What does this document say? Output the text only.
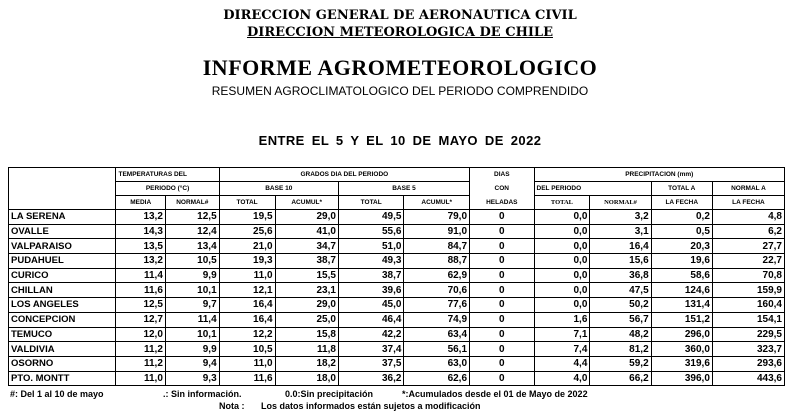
DIRECCION GENERAL DE AERONAUTICA CIVIL
DIRECCION METEOROLOGICA DE CHILE
INFORME AGROMETEOROLOGICO
RESUMEN AGROCLIMATOLOGICO DEL PERIODO COMPRENDIDO
ENTRE EL 5 Y EL 10 DE MAYO DE 2022
	TEMPERATURAS DEL		GRADOS DIA DEL PERIODO				DIAS	PRECIPITACION (mm)			
	PERIODO (°C)		BASE 10		BASE 5		CON	DEL PERIODO		TOTAL A	NORMAL A
	MEDIA	NORMAL#	TOTAL	ACUMUL*	TOTAL	ACUMUL*	HELADAS	TOTAL	NORMAL#	LA FECHA	LA FECHA
LA SERENA	13,2	12,5	19,5	29,0	49,5	79,0	0	0,0	3,2	0,2	4,8
OVALLE	14,3	12,4	25,6	41,0	55,6	91,0	0	0,0	3,1	0,5	6,2
VALPARAISO	13,5	13,4	21,0	34,7	51,0	84,7	0	0,0	16,4	20,3	27,7
PUDAHUEL	13,2	10,5	19,3	38,7	49,3	88,7	0	0,0	15,6	19,6	22,7
CURICO	11,4	9,9	11,0	15,5	38,7	62,9	0	0,0	36,8	58,6	70,8
CHILLAN	11,6	10,1	12,1	23,1	39,6	70,6	0	0,0	47,5	124,6	159,9
LOS ANGELES	12,5	9,7	16,4	29,0	45,0	77,6	0	0,0	50,2	131,4	160,4
CONCEPCION	12,7	11,4	16,4	25,0	46,4	74,9	0	1,6	56,7	151,2	154,1
TEMUCO	12,0	10,1	12,2	15,8	42,2	63,4	0	7,1	48,2	296,0	229,5
VALDIVIA	11,2	9,9	10,5	11,8	37,4	56,1	0	7,4	81,2	360,0	323,7
OSORNO	11,2	9,4	11,0	18,2	37,5	63,0	0	4,4	59,2	319,6	293,6
PTO. MONTT	11,0	9,3	11,6	18,0	36,2	62,6	0	4,0	66,2	396,0	443,6
#: Del 1 al 10 de mayo	.: Sin información.	0.0:Sin precipitación	*:Acumulados desde el 01 de Mayo de 2022
Nota : Los datos informados están sujetos a modificación
